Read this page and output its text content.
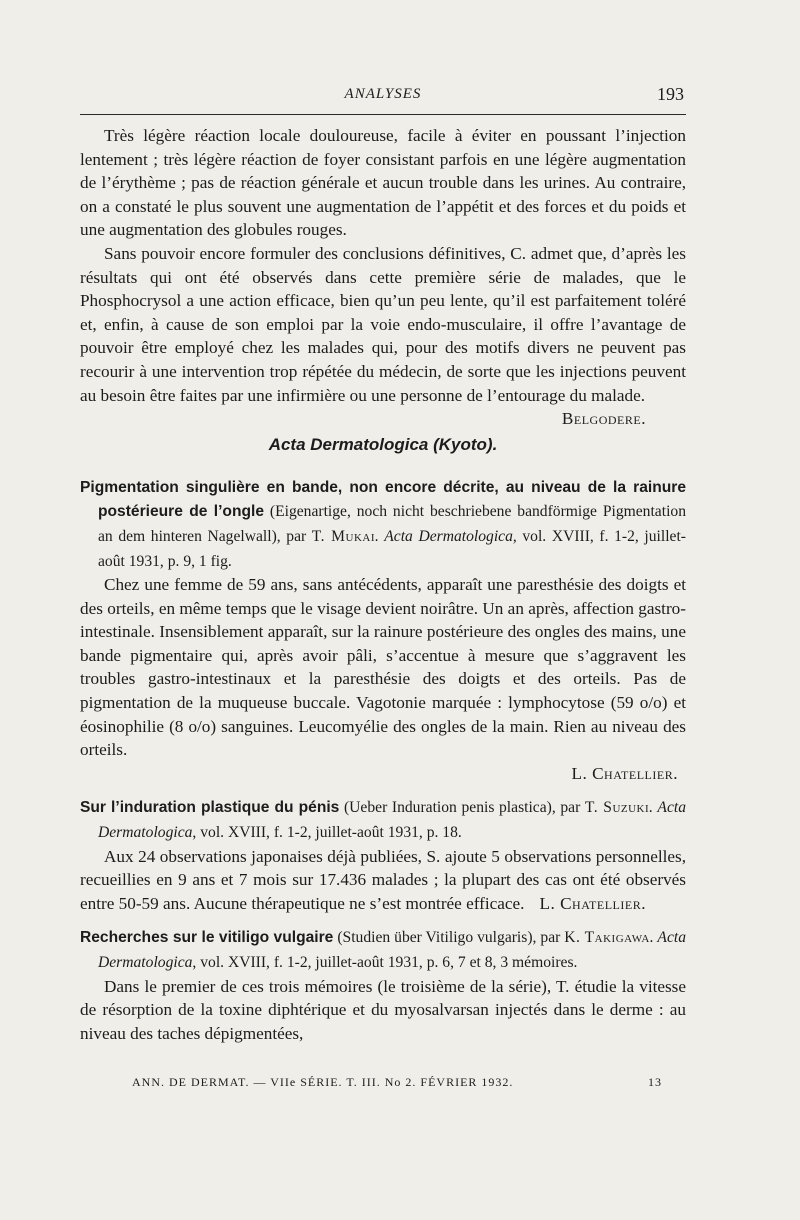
ANALYSES	193

Très légère réaction locale douloureuse, facile à éviter en poussant l’injection lentement ; très légère réaction de foyer consistant parfois en une légère augmentation de l’érythème ; pas de réaction générale et aucun trouble dans les urines. Au contraire, on a constaté le plus souvent une augmentation de l’appétit et des forces et du poids et une augmentation des globules rouges.

Sans pouvoir encore formuler des conclusions définitives, C. admet que, d’après les résultats qui ont été observés dans cette première série de malades, que le Phosphocrysol a une action efficace, bien qu’un peu lente, qu’il est parfaitement toléré et, enfin, à cause de son emploi par la voie endo-musculaire, il offre l’avantage de pouvoir être employé chez les malades qui, pour des motifs divers ne peuvent pas recourir à une intervention trop répétée du médecin, de sorte que les injections peuvent au besoin être faites par une infirmière ou une personne de l’entourage du malade.
Belgodere.

Acta Dermatologica (Kyoto).

Pigmentation singulière en bande, non encore décrite, au niveau de la rainure postérieure de l’ongle (Eigenartige, noch nicht beschriebene bandförmige Pigmentation an dem hinteren Nagelwall), par T. Mukai. Acta Dermatologica, vol. XVIII, f. 1-2, juillet-août 1931, p. 9, 1 fig.

Chez une femme de 59 ans, sans antécédents, apparaît une paresthésie des doigts et des orteils, en même temps que le visage devient noirâtre. Un an après, affection gastro-intestinale. Insensiblement apparaît, sur la rainure postérieure des ongles des mains, une bande pigmentaire qui, après avoir pâli, s’accentue à mesure que s’aggravent les troubles gastro-intestinaux et la paresthésie des doigts et des orteils. Pas de pigmentation de la muqueuse buccale. Vagotonie marquée : lymphocytose (59 o/o) et éosinophilie (8 o/o) sanguines. Leucomyélie des ongles de la main. Rien au niveau des orteils.

L. Chatellier.

Sur l’induration plastique du pénis (Ueber Induration penis plastica), par T. Suzuki. Acta Dermatologica, vol. XVIII, f. 1-2, juillet-août 1931, p. 18.

Aux 24 observations japonaises déjà publiées, S. ajoute 5 observations personnelles, recueillies en 9 ans et 7 mois sur 17.436 malades ; la plupart des cas ont été observés entre 50-59 ans. Aucune thérapeutique ne s’est montrée efficace. L. Chatellier.

Recherches sur le vitiligo vulgaire (Studien über Vitiligo vulgaris), par K. Takigawa. Acta Dermatologica, vol. XVIII, f. 1-2, juillet-août 1931, p. 6, 7 et 8, 3 mémoires.

Dans le premier de ces trois mémoires (le troisième de la série), T. étudie la vitesse de résorption de la toxine diphtérique et du myosalvarsan injectés dans le derme : au niveau des taches dépigmentées,

ANN. DE DERMAT. — VIIe SÉRIE. T. III. No 2. FÉVRIER 1932.	13
